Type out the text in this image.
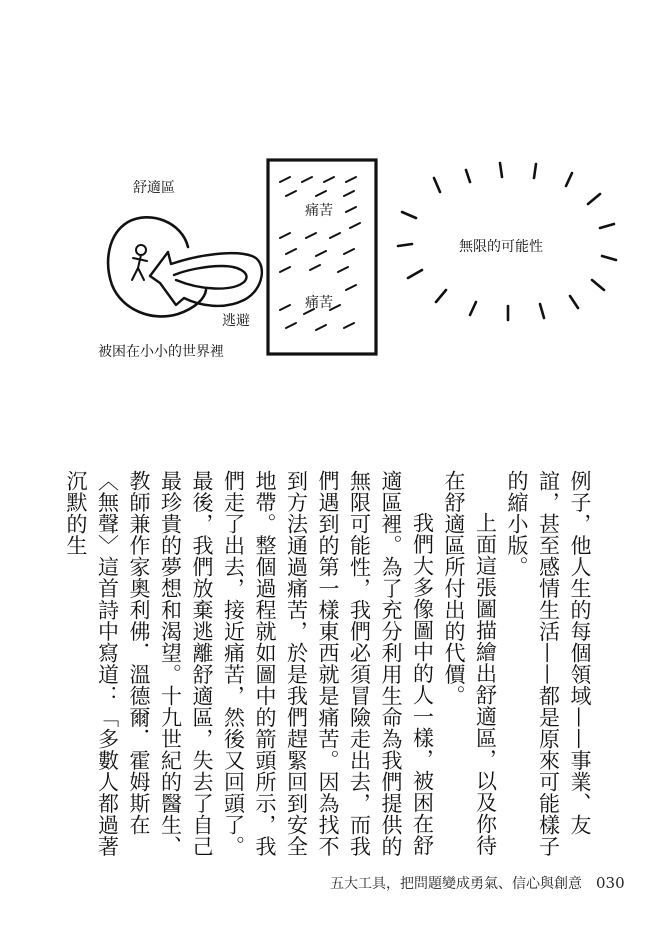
舒適區
逃避
被困在小小的世界裡
痛苦
痛苦
無限的可能性

例子，他人生的每個領域——事業、友誼，甚至感情生活——都是原來可能樣子的縮小版。

上面這張圖描繪出舒適區，以及你待在舒適區所付出的代價。

我們大多像圖中的人一樣，被困在舒適區裡。為了充分利用生命為我們提供的無限可能性，我們必須冒險走出去，而我們遇到的第一樣東西就是痛苦。因為找不到方法通過痛苦，於是我們趕緊回到安全地帶。整個過程就如圖中的箭頭所示，我們走了出去，接近痛苦，然後又回頭了。最後，我們放棄逃離舒適區，失去了自己最珍貴的夢想和渴望。十九世紀的醫生、教師兼作家奧利佛．溫德爾．霍姆斯在〈無聲〉這首詩中寫道：「多數人都過著沉默的生

五大工具，把問題變成勇氣、信心與創意 030
